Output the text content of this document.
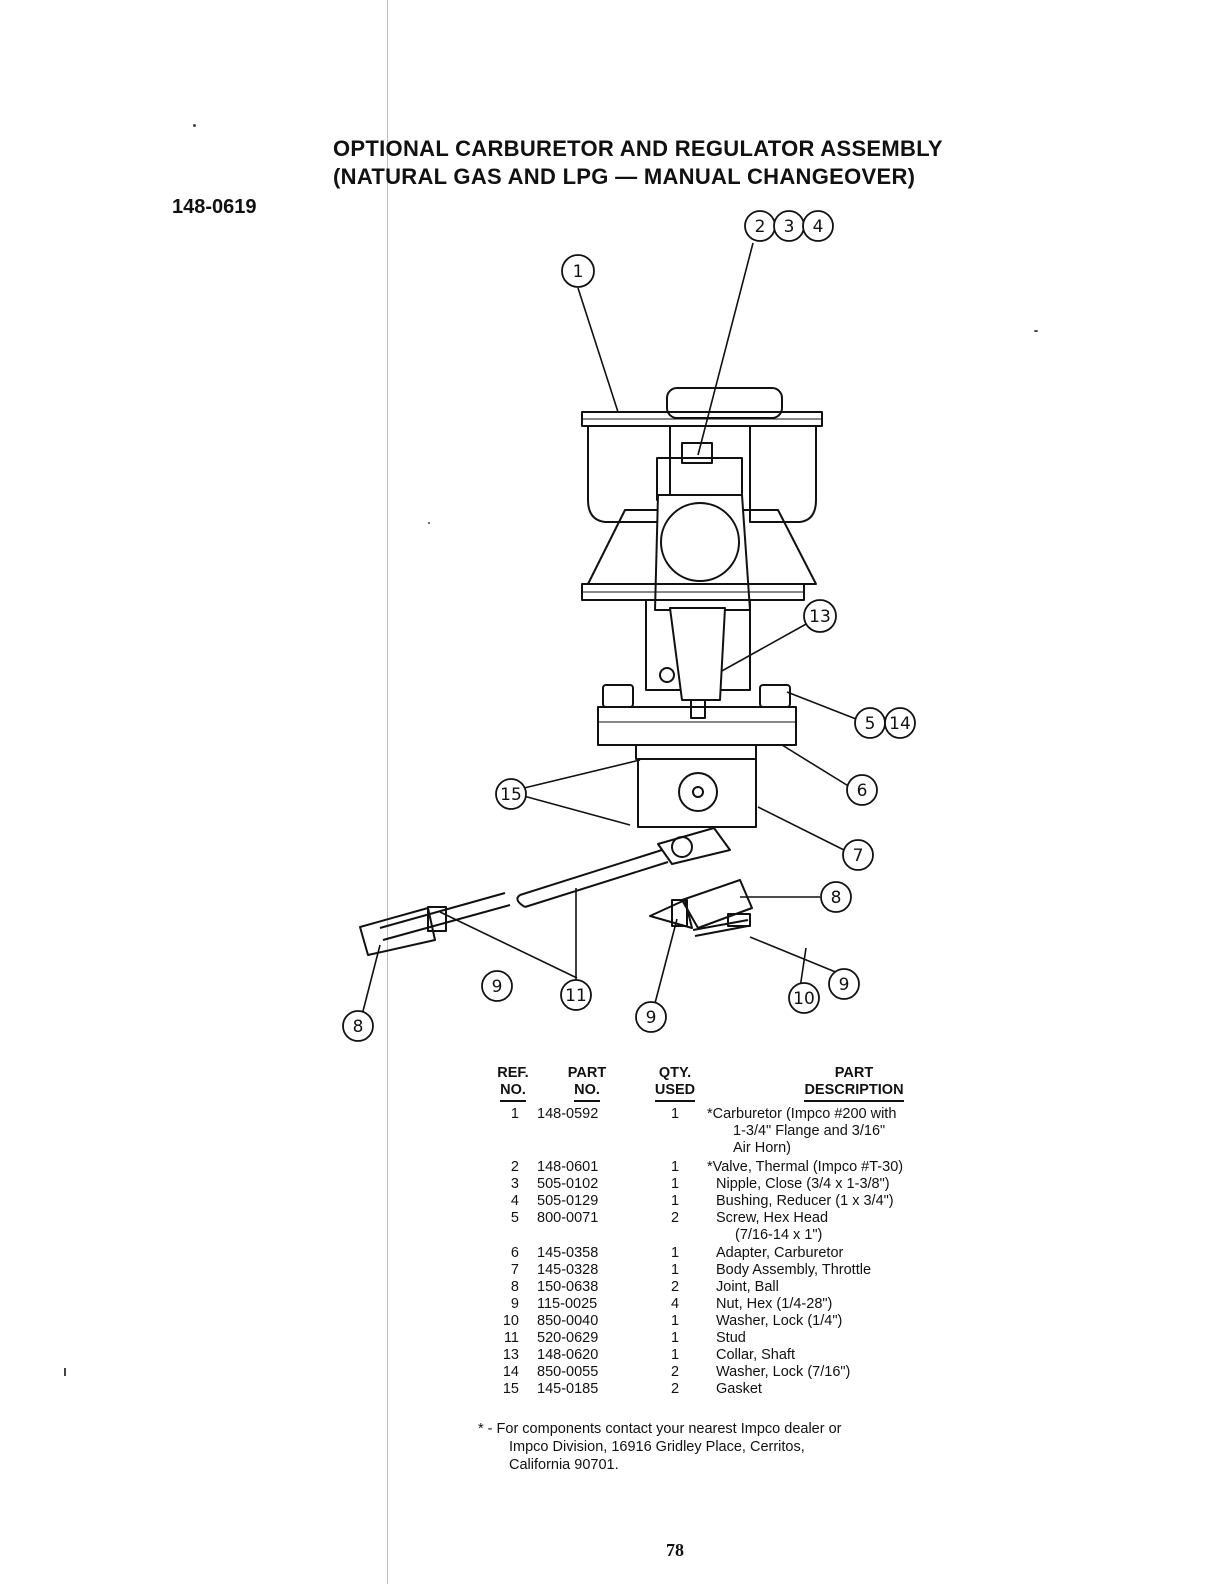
OPTIONAL CARBURETOR AND REGULATOR ASSEMBLY
(NATURAL GAS AND LPG — MANUAL CHANGEOVER)
148-0619
1
2 3 4
13
5 14
6
15
7
8
9
9
10
9
11
8
REF.
NO.
PART
NO.
QTY.
USED
PART
DESCRIPTION
1 148-0592	1 *Carburetor (Impco #200 with
1-3/4" Flange and 3/16"
Air Horn)
2 148-0601	1 *Valve, Thermal (Impco #T-30)
3 505-0102	1	Nipple, Close (3/4 x 1-3/8")
4 505-0129	1	Bushing, Reducer (1 x 3/4")
5 800-0071	2	Screw, Hex Head
(7/16-14 x 1")
6 145-0358	1	Adapter, Carburetor
7 145-0328	1	Body Assembly, Throttle
8 150-0638	2	Joint, Ball
9 115-0025	4	Nut, Hex (1/4-28")
10 850-0040	1	Washer, Lock (1/4")
11 520-0629	1	Stud
13 148-0620	1	Collar, Shaft
14 850-0055	2	Washer, Lock (7/16")
15 145-0185	2	Gasket
* - For components contact your nearest Impco dealer or
Impco Division, 16916 Gridley Place, Cerritos,
California 90701.
78
